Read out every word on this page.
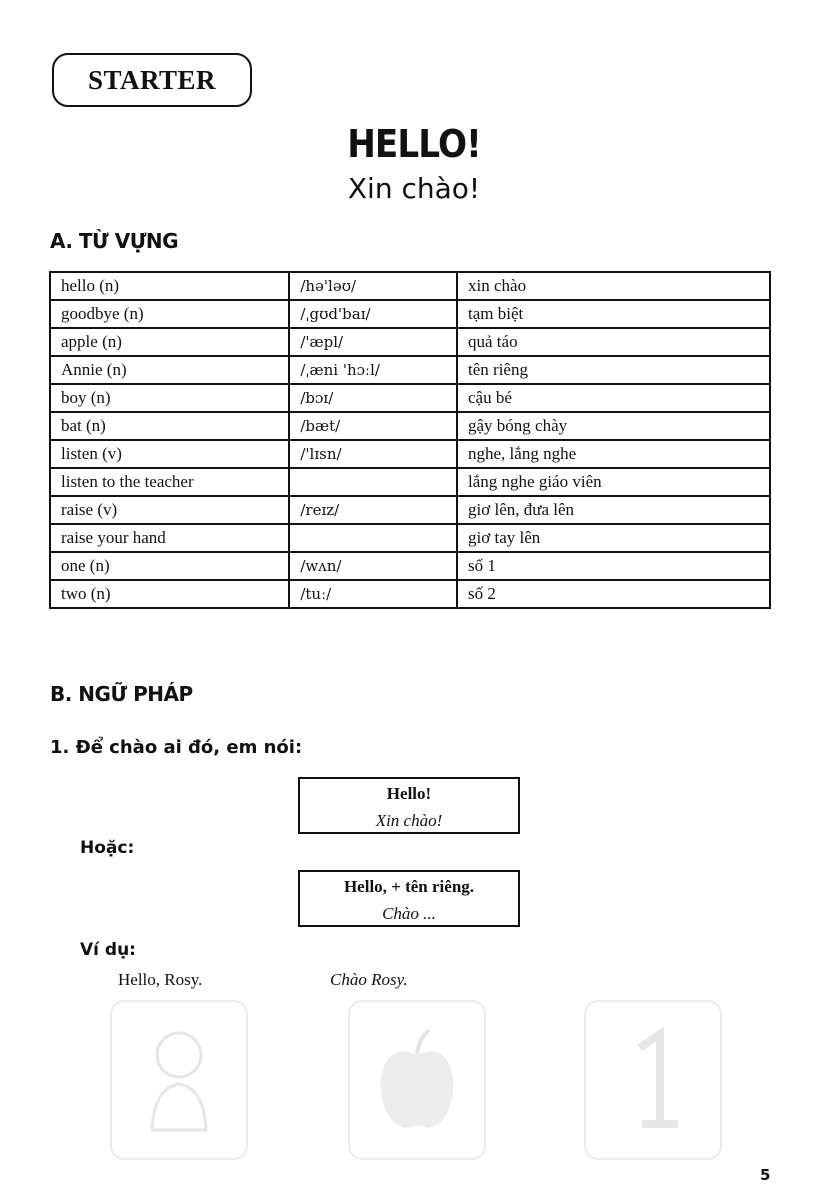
STARTER
HELLO!
Xin chào!
A. TỪ VỰNG
hello (n)	/hə'ləʊ/	xin chào
goodbye (n)	/ˌgʊd'baɪ/	tạm biệt
apple (n)	/'æpl/	quả táo
Annie (n)	/ˌæni 'hɔːl/	tên riêng
boy (n)	/bɔɪ/	cậu bé
bat (n)	/bæt/	gậy bóng chày
listen (v)	/'lɪsn/	nghe, lắng nghe
listen to the teacher		lắng nghe giáo viên
raise (v)	/reɪz/	giơ lên, đưa lên
raise your hand		giơ tay lên
one (n)	/wʌn/	số 1
two (n)	/tuː/	số 2
B. NGỮ PHÁP
1. Để chào ai đó, em nói:
Hello!
Xin chào!
Hoặc:
Hello, + tên riêng.
Chào ...
Ví dụ:
Hello, Rosy.	Chào Rosy.
5
